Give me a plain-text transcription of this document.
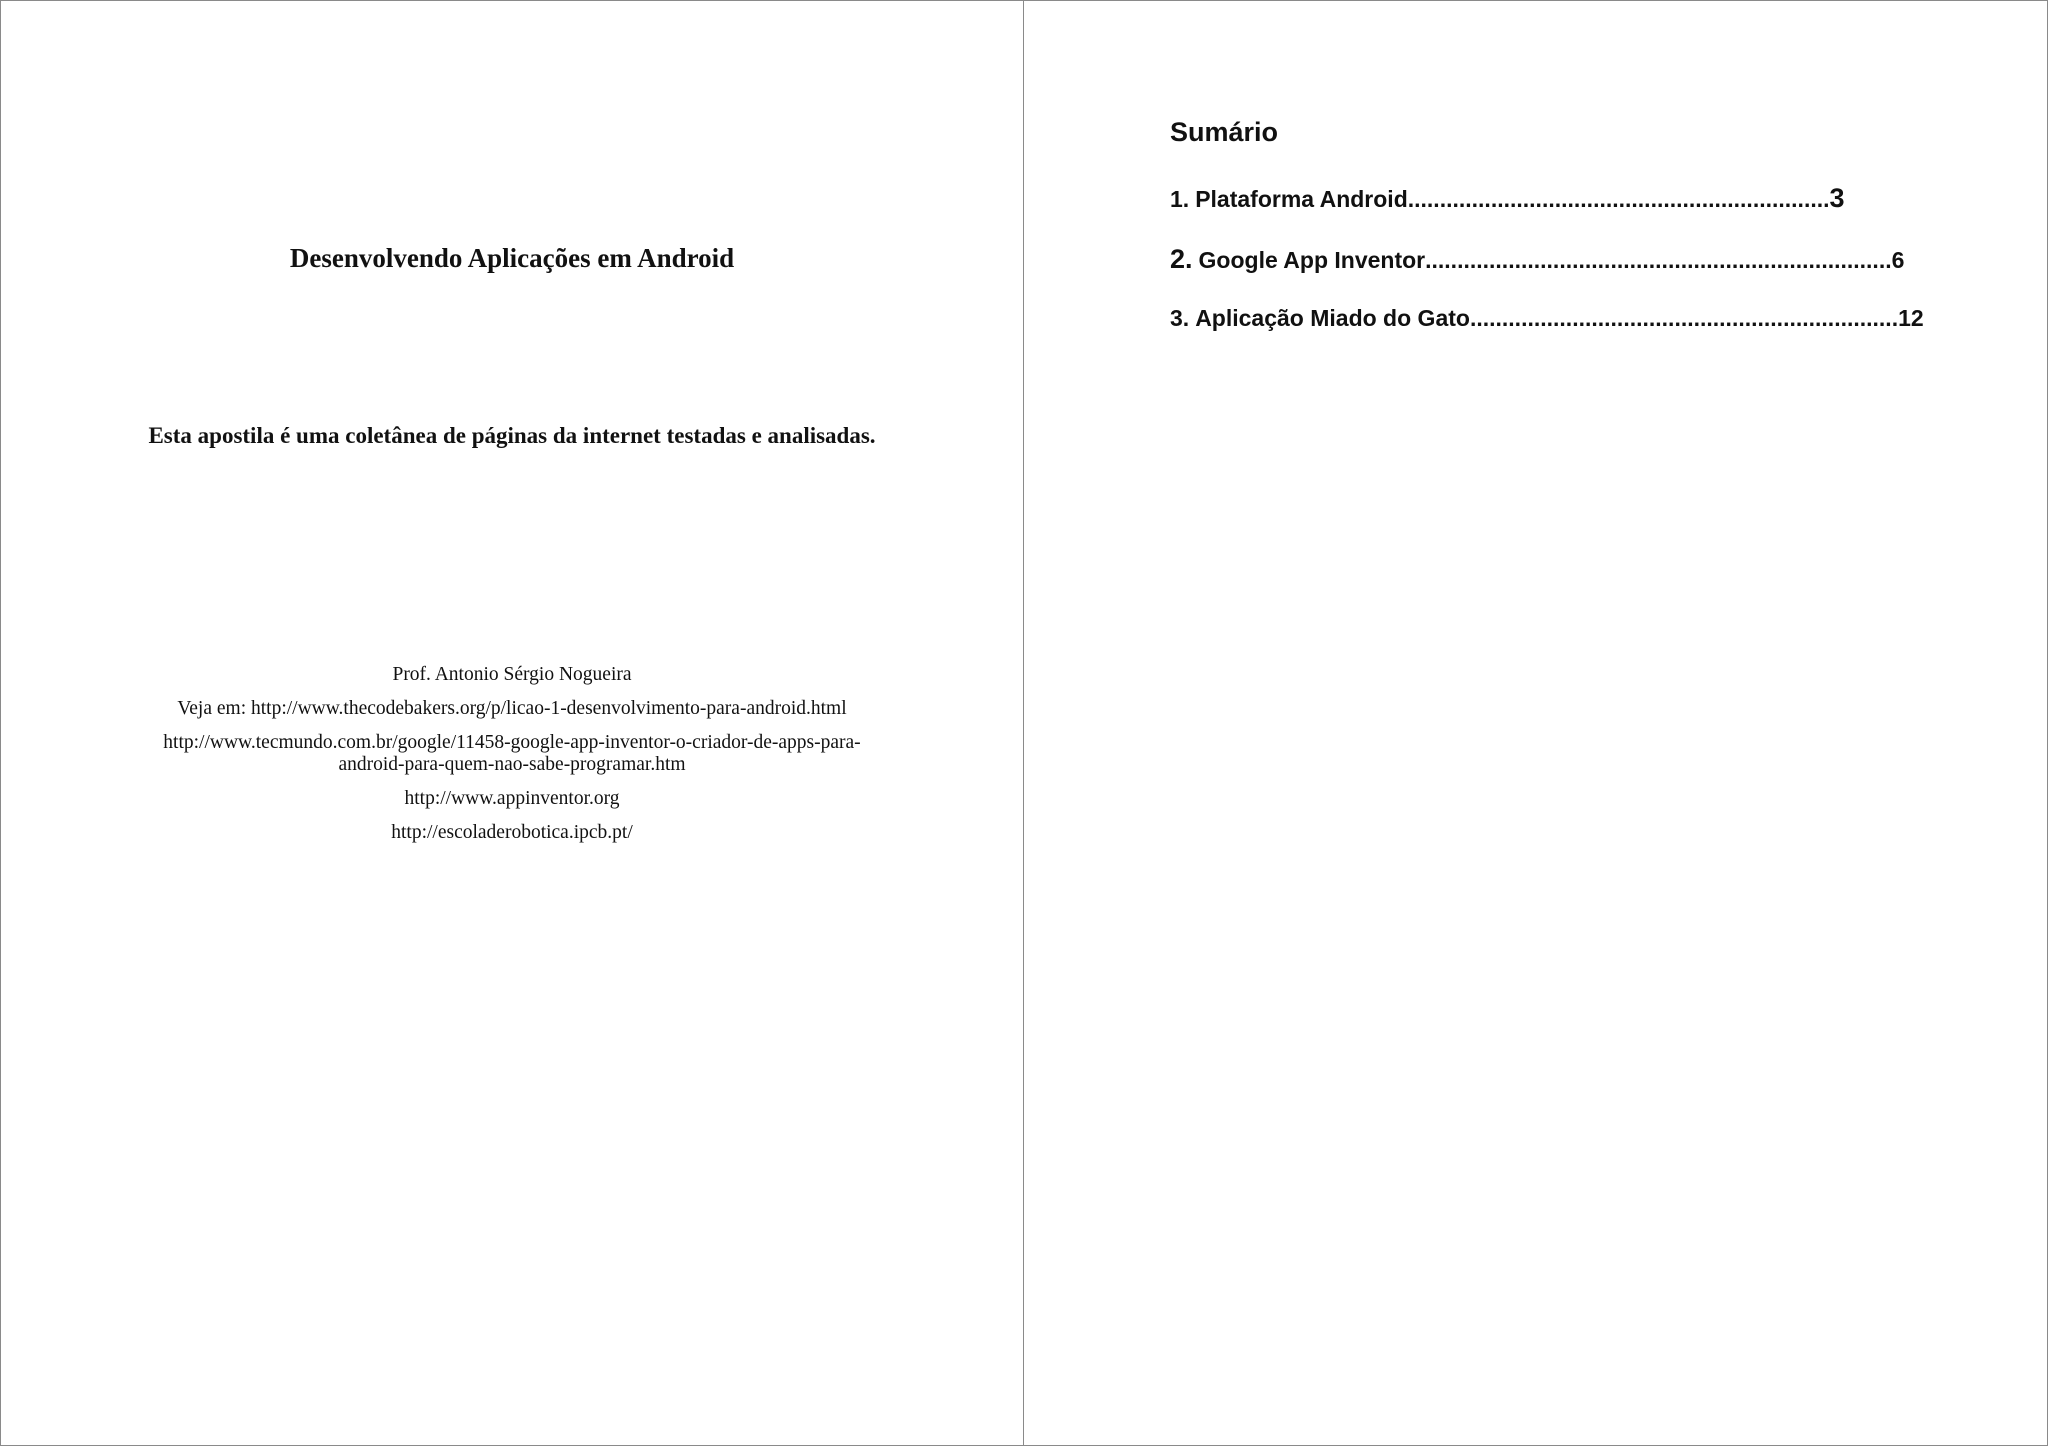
Desenvolvendo Aplicações em Android
Esta apostila é uma coletânea de páginas da internet testadas e analisadas.
Prof. Antonio Sérgio Nogueira
Veja em: http://www.thecodebakers.org/p/licao-1-desenvolvimento-para-android.html
http://www.tecmundo.com.br/google/11458-google-app-inventor-o-criador-de-apps-para-android-para-quem-nao-sabe-programar.htm
http://www.appinventor.org
http://escoladerobotica.ipcb.pt/
Sumário
1. Plataforma Android .................................................................. 3
2. Google App Inventor ......................................................................... 6
3. Aplicação Miado do Gato ................................................................... 12
